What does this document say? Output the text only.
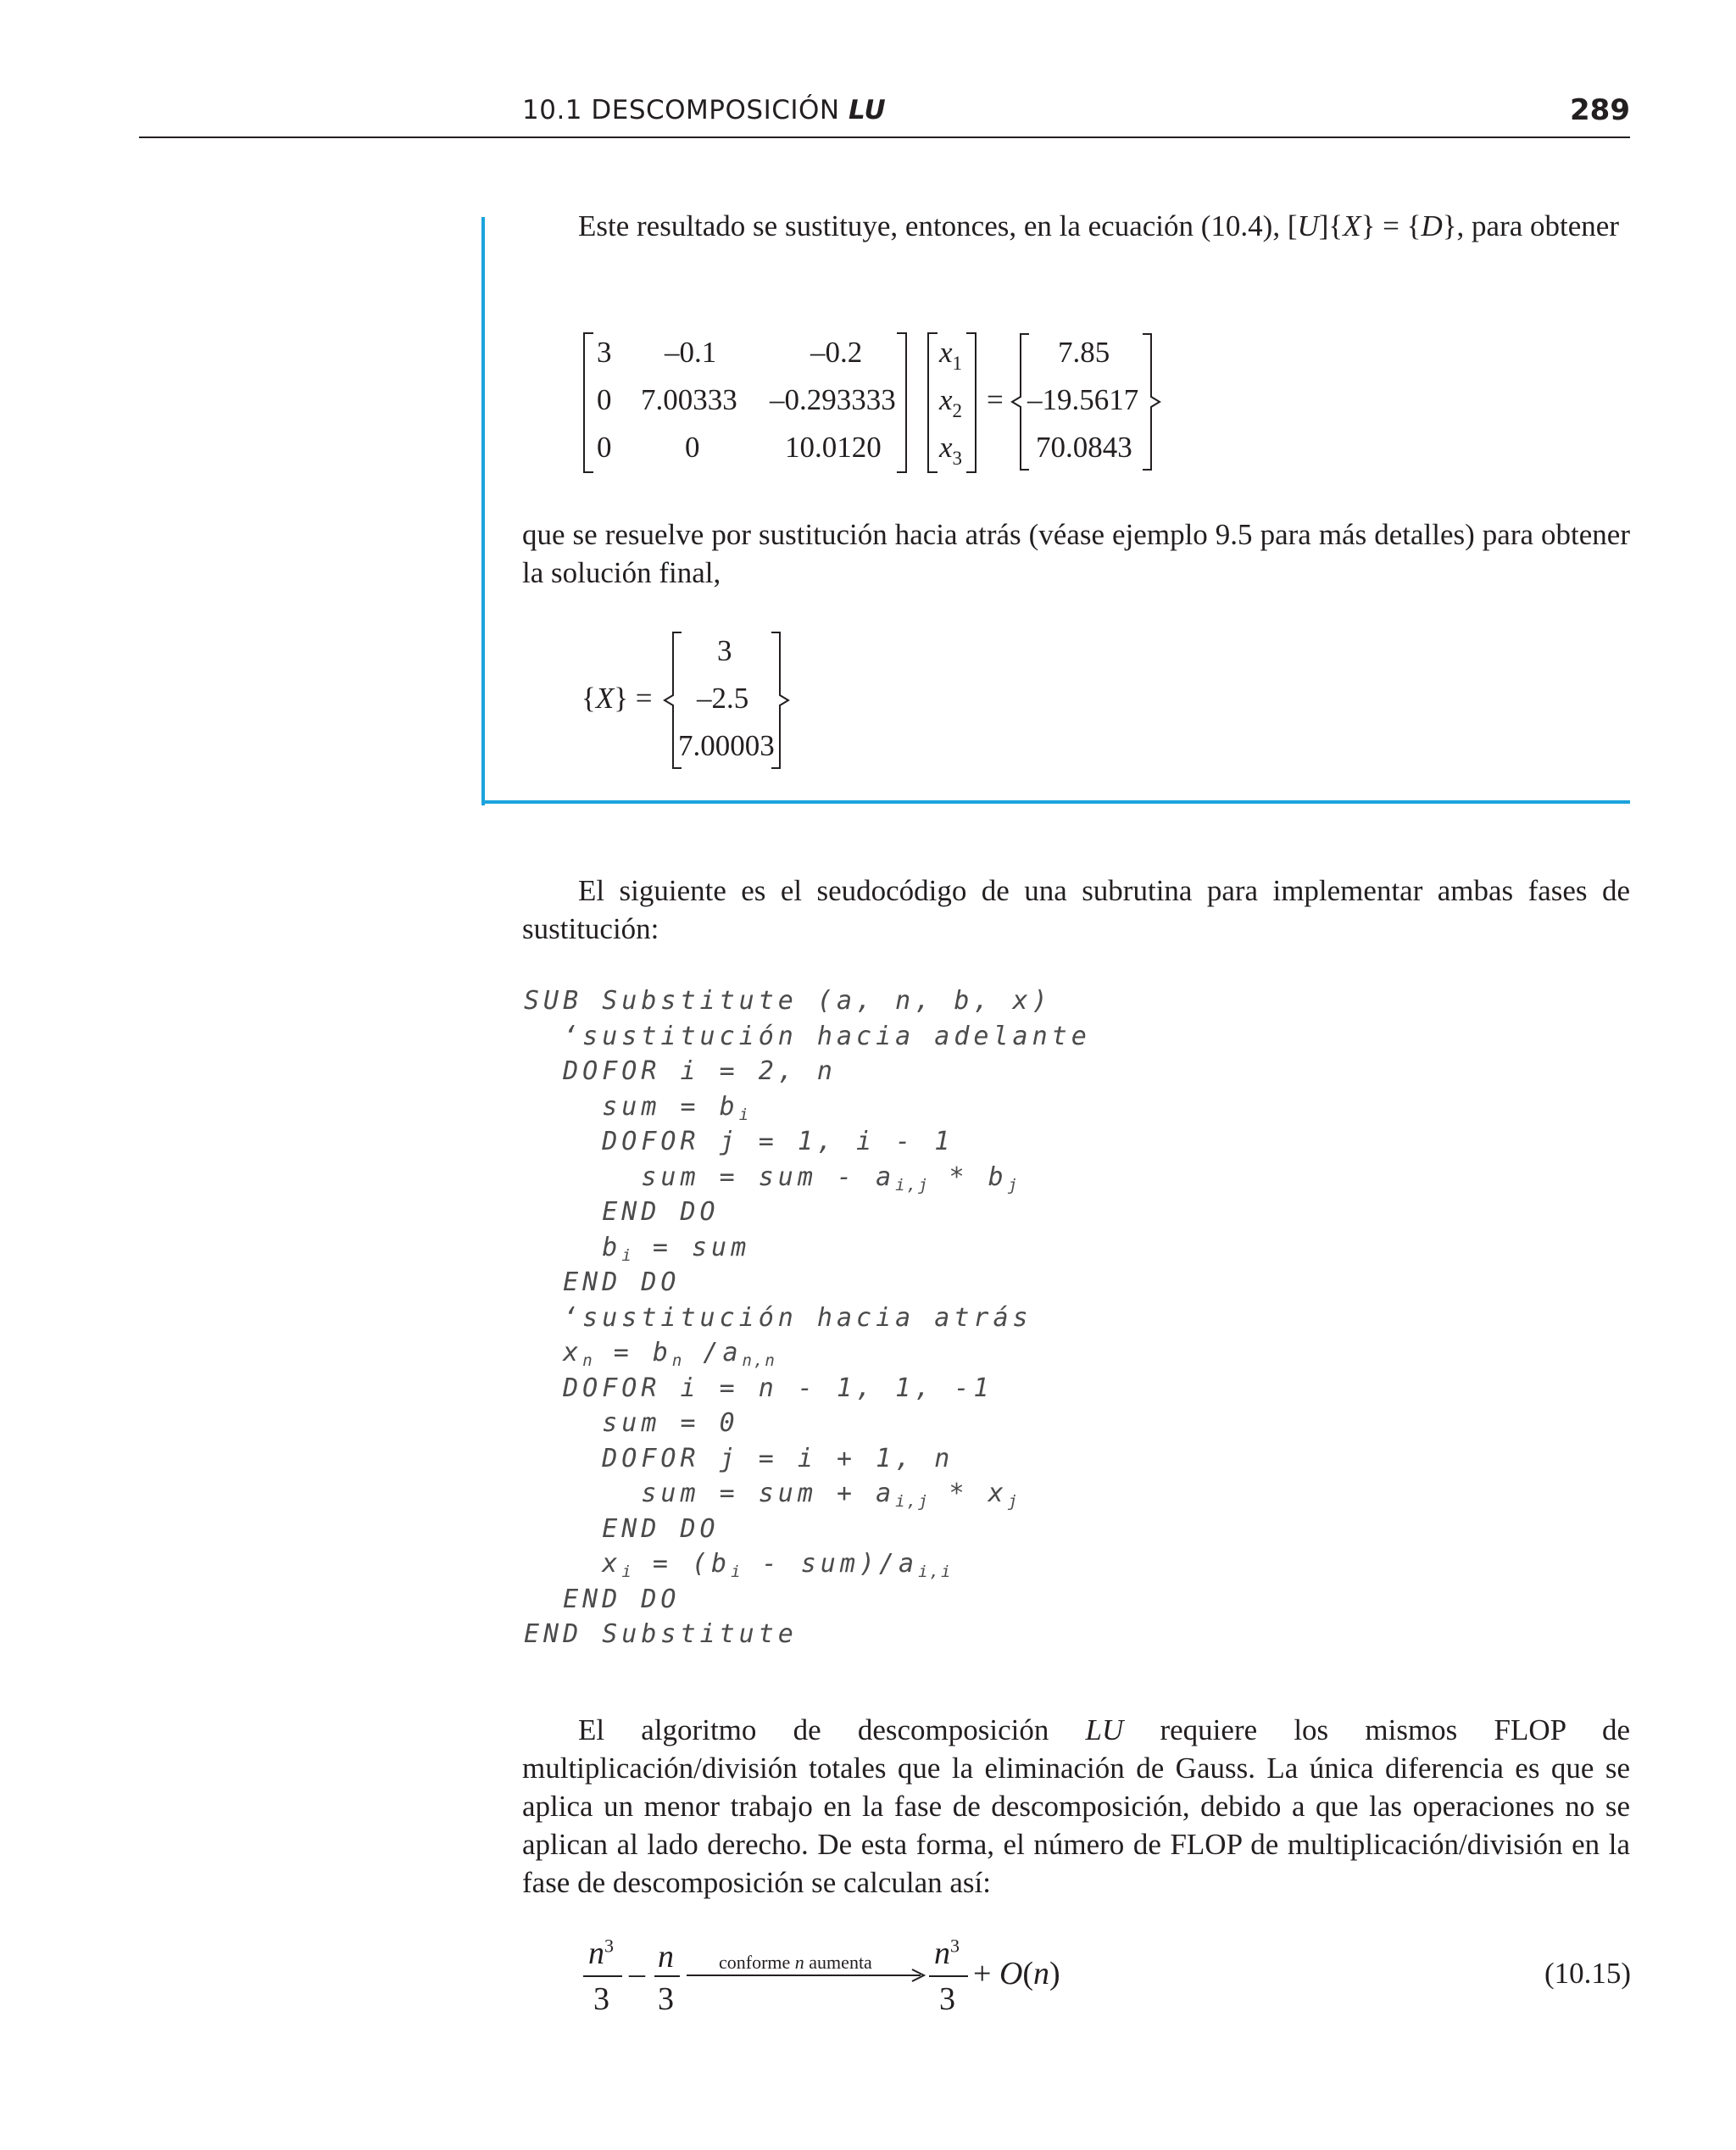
10.1 DESCOMPOSICIÓN LU	289

Este resultado se sustituye, entonces, en la ecuación (10.4), [U]{X} = {D}, para obtener

3 –0.1	–0.2
0 7.00333 –0.293333
0 0	10.0120
$x_1$
$x_2$
$x_3$
=
7.85
–19.5617
70.0843

que se resuelve por sustitución hacia atrás (véase ejemplo 9.5 para más detalles) para obtener la solución final,

{X} =
3
–2.5
7.00003

El siguiente es el seudocódigo de una subrutina para implementar ambas fases de sustitución:

SUB Substitute (a, n, b, x)
‘sustitución hacia adelante
DOFOR i = 2, n
sum = $b_i$
DOFOR j = 1, i - 1
sum = sum - $a_{i,j} * b_j$
END DO
$b_i$ = sum
END DO
‘sustitución hacia atrás
$x_n = b_n$ $/a_{n,n}$
DOFOR i = n - 1, 1, -1
sum = 0
DOFOR j = i + 1, n
sum = sum + $a_{i,j} * x_j$
END DO
$x_i = (b_i - sum)/a_{i,i}$
END DO
END Substitute

El algoritmo de descomposición LU requiere los mismos FLOP de multiplicación/división totales que la eliminación de Gauss. La única diferencia es que se aplica un menor trabajo en la fase de descomposición, debido a que las operaciones no se aplican al lado derecho. De esta forma, el número de FLOP de multiplicación/división en la fase de descomposición se calculan así:

$n^3$
3
– n
3
conforme n aumenta $n^3$
3
+ O(n)	(10.15)
